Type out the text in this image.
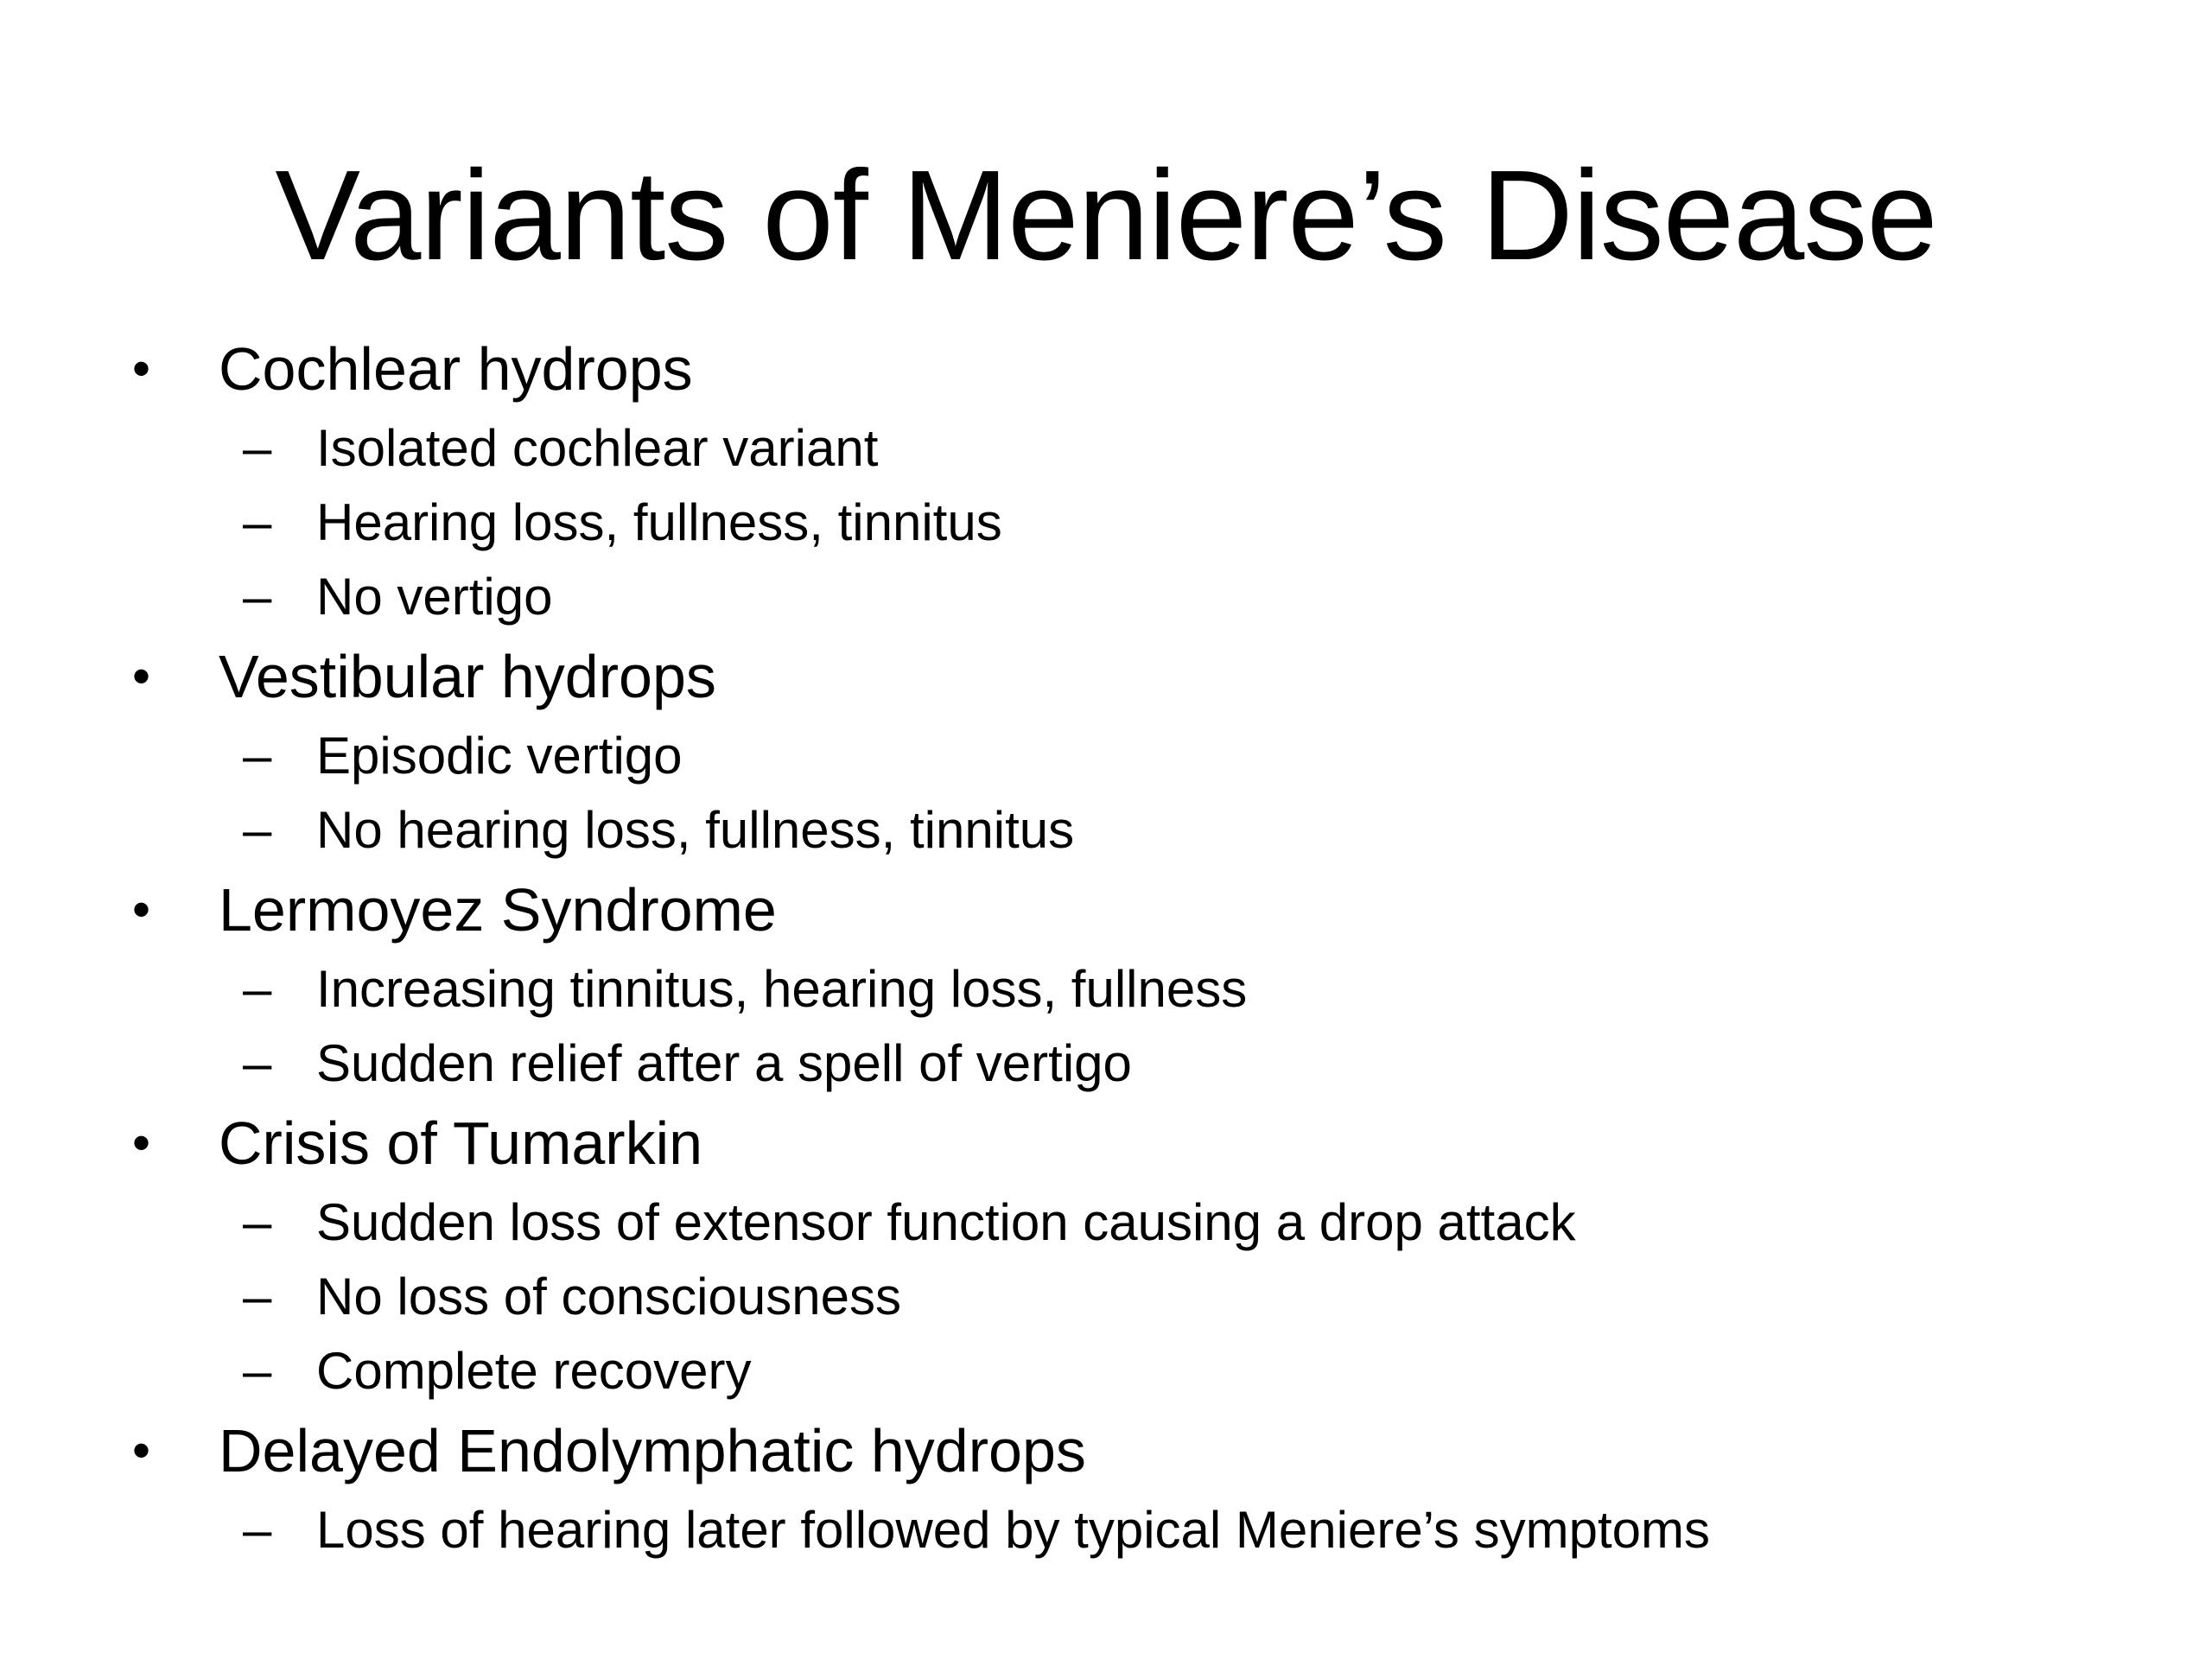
Variants of Meniere’s Disease
• Cochlear hydrops
– Isolated cochlear variant
– Hearing loss, fullness, tinnitus
– No vertigo
• Vestibular hydrops
– Episodic vertigo
– No hearing loss, fullness, tinnitus
• Lermoyez Syndrome
– Increasing tinnitus, hearing loss, fullness
– Sudden relief after a spell of vertigo
• Crisis of Tumarkin
– Sudden loss of extensor function causing a drop attack
– No loss of consciousness
– Complete recovery
• Delayed Endolymphatic hydrops
– Loss of hearing later followed by typical Meniere’s symptoms
